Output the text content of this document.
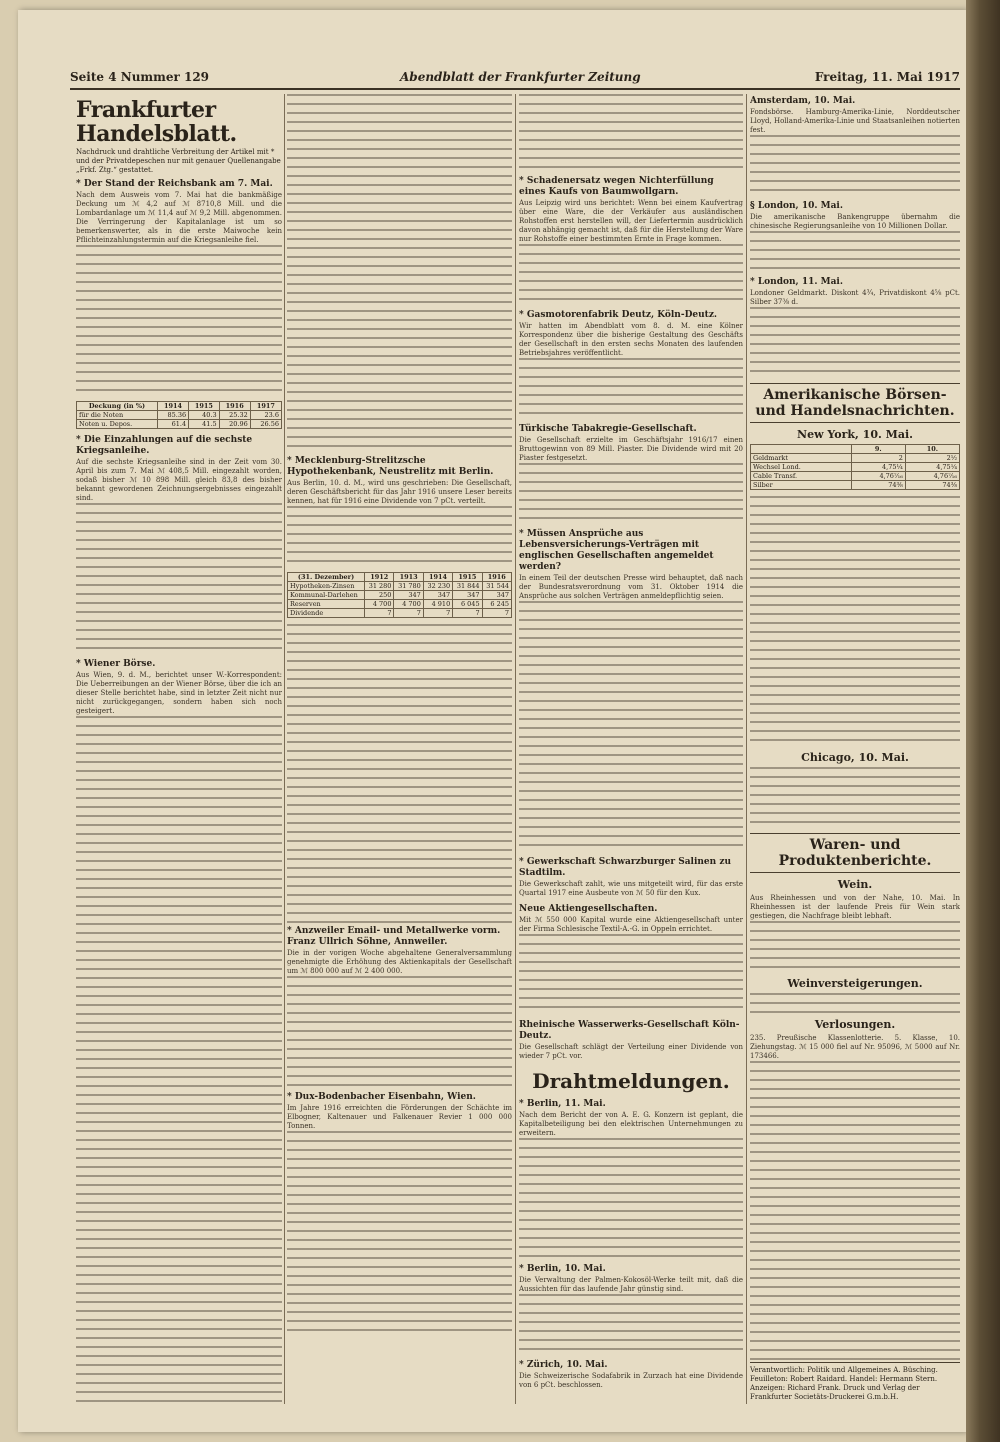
Seite 4 Nummer 129	Abendblatt der Frankfurter Zeitung	Freitag, 11. Mai 1917
Frankfurter Handelsblatt.
Nachdruck und drahtliche Verbreitung der Artikel mit * und der Privatdepeschen nur mit genauer Quellenangabe „Frkf. Ztg.“ gestattet.
* Der Stand der Reichsbank am 7. Mai.

Nach dem Ausweis vom 7. Mai hat die bankmäßige Deckung um ℳ 4,2 auf ℳ 8710,8 Mill. und die Lombardanlage um ℳ 11,4 auf ℳ 9,2 Mill. abgenommen. Die Verringerung der Kapitalanlage ist um so bemerkenswerter, als in die erste Maiwoche kein Pflichteinzahlungstermin auf die Kriegsanleihe fiel.

Deckung (in %)	1914	1915	1916	1917
für die Noten	85.36	40.3	25.32	23.6
Noten u. Depos.	61.4	41.5	20.96	26.56
* Die Einzahlungen auf die sechste Kriegsanleihe.

Auf die sechste Kriegsanleihe sind in der Zeit vom 30. April bis zum 7. Mai ℳ 408,5 Mill. eingezahlt worden, sodaß bisher ℳ 10 898 Mill. gleich 83,8 des bisher bekannt gewordenen Zeichnungsergebnisses eingezahlt sind.

* Wiener Börse.

Aus Wien, 9. d. M., berichtet unser W.-Korrespondent: Die Ueberreibungen an der Wiener Börse, über die ich an dieser Stelle berichtet habe, sind in letzter Zeit nicht nur nicht zurückgegangen, sondern haben sich noch gesteigert.

* Mecklenburg-Strelitzsche Hypothekenbank, Neustrelitz mit Berlin.

Aus Berlin, 10. d. M., wird uns geschrieben: Die Gesellschaft, deren Geschäftsbericht für das Jahr 1916 unsere Leser bereits kennen, hat für 1916 eine Dividende von 7 pCt. verteilt.

(31. Dezember)	1912	1913	1914	1915	1916
Hypotheken-Zinsen	31 280	31 780	32 230	31 844	31 544
Kommunal-Darlehen	250	347	347	347	347
Reserven	4 700	4 700	4 910	6 045	6 245
Dividende	7	7	7	7	7
* Anzweiler Email- und Metallwerke vorm. Franz Ullrich Söhne, Annweiler.

Die in der vorigen Woche abgehaltene Generalversammlung genehmigte die Erhöhung des Aktienkapitals der Gesellschaft um ℳ 800 000 auf ℳ 2 400 000.

* Dux-Bodenbacher Eisenbahn, Wien.

Im Jahre 1916 erreichten die Förderungen der Schächte im Elbogner, Kaltenauer und Falkenauer Revier 1 000 000 Tonnen.

* Schadenersatz wegen Nichterfüllung eines Kaufs von Baumwollgarn.

Aus Leipzig wird uns berichtet: Wenn bei einem Kaufvertrag über eine Ware, die der Verkäufer aus ausländischen Rohstoffen erst herstellen will, der Liefertermin ausdrücklich davon abhängig gemacht ist, daß für die Herstellung der Ware nur Rohstoffe einer bestimmten Ernte in Frage kommen.

* Gasmotorenfabrik Deutz, Köln-Deutz.

Wir hatten im Abendblatt vom 8. d. M. eine Kölner Korrespondenz über die bisherige Gestaltung des Geschäfts der Gesellschaft in den ersten sechs Monaten des laufenden Betriebsjahres veröffentlicht.

Türkische Tabakregie-Gesellschaft.

Die Gesellschaft erzielte im Geschäftsjahr 1916/17 einen Bruttogewinn von 89 Mill. Piaster. Die Dividende wird mit 20 Piaster festgesetzt.

* Müssen Ansprüche aus Lebensversicherungs-Verträgen mit englischen Gesellschaften angemeldet werden?

In einem Teil der deutschen Presse wird behauptet, daß nach der Bundesratsverordnung vom 31. Oktober 1914 die Ansprüche aus solchen Verträgen anmeldepflichtig seien.

* Gewerkschaft Schwarzburger Salinen zu Stadtilm.

Die Gewerkschaft zahlt, wie uns mitgeteilt wird, für das erste Quartal 1917 eine Ausbeute von ℳ 50 für den Kux.

Neue Aktiengesellschaften.

Mit ℳ 550 000 Kapital wurde eine Aktiengesellschaft unter der Firma Schlesische Textil-A.-G. in Oppeln errichtet.

Rheinische Wasserwerks-Gesellschaft Köln-Deutz.

Die Gesellschaft schlägt der Verteilung einer Dividende von wieder 7 pCt. vor.

Drahtmeldungen.
* Berlin, 11. Mai.

Nach dem Bericht der von A. E. G. Konzern ist geplant, die Kapitalbeteiligung bei den elektrischen Unternehmungen zu erweitern.

* Berlin, 10. Mai.

Die Verwaltung der Palmen-Kokosöl-Werke teilt mit, daß die Aussichten für das laufende Jahr günstig sind.

* Zürich, 10. Mai.

Die Schweizerische Sodafabrik in Zurzach hat eine Dividende von 6 pCt. beschlossen.

Amsterdam, 10. Mai.

Fondsbörse. Hamburg-Amerika-Linie, Norddeutscher Lloyd, Holland-Amerika-Linie und Staatsanleihen notierten fest.

§ London, 10. Mai.

Die amerikanische Bankengruppe übernahm die chinesische Regierungsanleihe von 10 Millionen Dollar.

* London, 11. Mai.

Londoner Geldmarkt. Diskont 4¾, Privatdiskont 4⅝ pCt. Silber 37⅜ d.

Amerikanische Börsen- und Handelsnachrichten.
New York, 10. Mai.
	9.	10.
Geldmarkt	2	2½
Wechsel Lond.	4,75¼	4,75¼
Cable Transf.	4,76⁷⁄₁₆	4,76⁷⁄₁₆
Silber	74⅜	74⅜
Chicago, 10. Mai.
Waren- und Produktenberichte.
Wein.

Aus Rheinhessen und von der Nahe, 10. Mai. In Rheinhessen ist der laufende Preis für Wein stark gestiegen, die Nachfrage bleibt lebhaft.

Weinversteigerungen.
Verlosungen.

235. Preußische Klassenlotterie. 5. Klasse, 10. Ziehungstag. ℳ 15 000 fiel auf Nr. 95096, ℳ 5000 auf Nr. 173466.

Verantwortlich: Politik und Allgemeines A. Büsching. Feuilleton: Robert Raidard. Handel: Hermann Stern. Anzeigen: Richard Frank. Druck und Verlag der Frankfurter Societäts-Druckerei G.m.b.H.
